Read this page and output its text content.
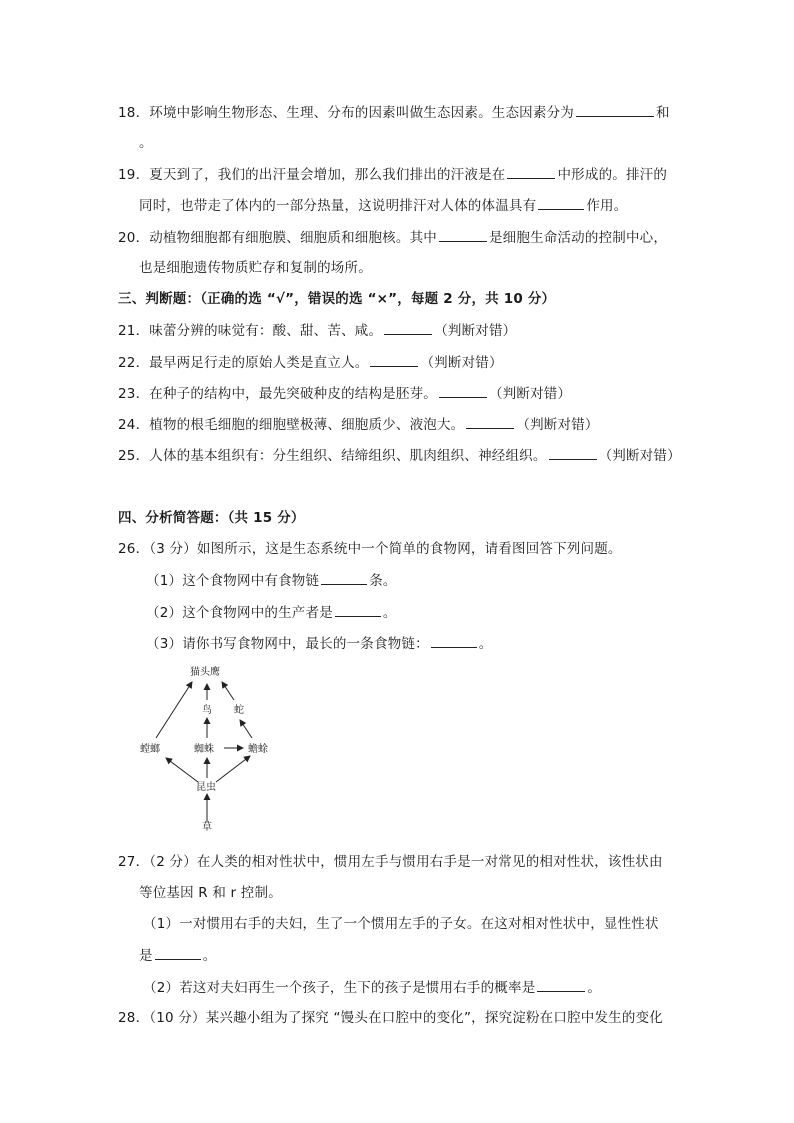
18．环境中影响生物形态、生理、分布的因素叫做生态因素。生态因素分为	和
。
19．夏天到了，我们的出汗量会增加，那么我们排出的汗液是在	中形成的。排汗的
同时，也带走了体内的一部分热量，这说明排汗对人体的体温具有	作用。
20．动植物细胞都有细胞膜、细胞质和细胞核。其中	是细胞生命活动的控制中心，
也是细胞遗传物质贮存和复制的场所。
三、判断题：（正确的选 “√”，错误的选 “×”，每题 2 分，共 10 分）
21．味蕾分辨的味觉有：酸、甜、苦、咸。	（判断对错）
22．最早两足行走的原始人类是直立人。	（判断对错）
23．在种子的结构中，最先突破种皮的结构是胚芽。	（判断对错）
24．植物的根毛细胞的细胞壁极薄、细胞质少、液泡大。	（判断对错）
25．人体的基本组织有：分生组织、结缔组织、肌肉组织、神经组织。	（判断对错）
四、分析简答题：（共 15 分）
26．（3 分）如图所示，这是生态系统中一个简单的食物网，请看图回答下列问题。
（1）这个食物网中有食物链	条。
（2）这个食物网中的生产者是	。
（3）请你书写食物网中，最长的一条食物链：	。
猫头鹰
鸟 蛇
螳螂	蜘蛛	蟾蜍
昆虫
草
27．（2 分）在人类的相对性状中，惯用左手与惯用右手是一对常见的相对性状，该性状由
等位基因 R 和 r 控制。
（1）一对惯用右手的夫妇，生了一个惯用左手的子女。在这对相对性状中，显性性状
是	。
（2）若这对夫妇再生一个孩子，生下的孩子是惯用右手的概率是	。
28．（10 分）某兴趣小组为了探究 “馒头在口腔中的变化”，探究淀粉在口腔中发生的变化
